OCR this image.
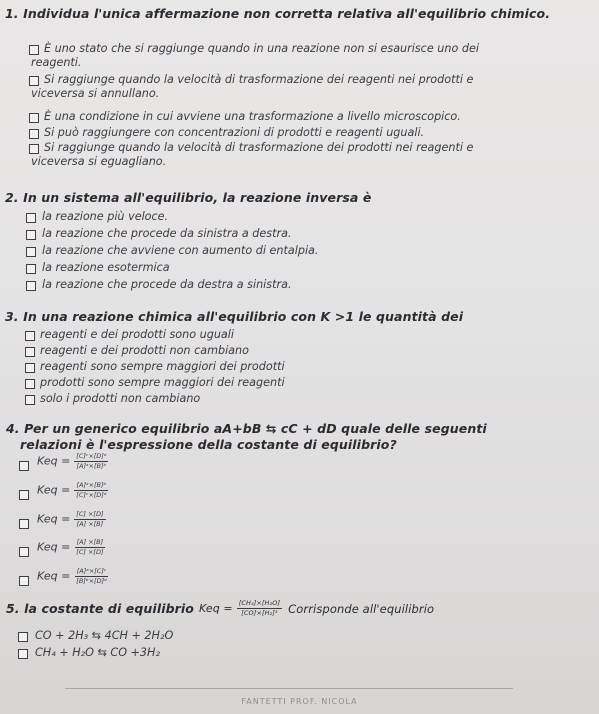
1. Individua l'unica affermazione non corretta relativa all'equilibrio chimico.
È uno stato che si raggiunge quando in una reazione non si esaurisce uno dei
reagenti.
Si raggiunge quando la velocità di trasformazione dei reagenti nei prodotti e
viceversa si annullano.
È una condizione in cui avviene una trasformazione a livello microscopico.
Si può raggiungere con concentrazioni di prodotti e reagenti uguali.
Si raggiunge quando la velocità di trasformazione dei prodotti nei reagenti e
viceversa si eguagliano.
2. In un sistema all'equilibrio, la reazione inversa è
la reazione più veloce.
la reazione che procede da sinistra a destra.
la reazione che avviene con aumento di entalpia.
la reazione esotermica
la reazione che procede da destra a sinistra.
3. In una reazione chimica all'equilibrio con K >1 le quantità dei
reagenti e dei prodotti sono uguali
reagenti e dei prodotti non cambiano
reagenti sono sempre maggiori dei prodotti
prodotti sono sempre maggiori dei reagenti
solo i prodotti non cambiano
4. Per un generico equilibrio aA+bB ⇆ cC + dD quale delle seguenti
relazioni è l'espressione della costante di equilibrio?
Keq = $\frac{\text{[C]ᶜ×[D]ᵈ}}{\text{[A]ᵃ×[B]ᵇ}}$
Keq = $\frac{\text{[A]ᵃ×[B]ᵇ}}{\text{[C]ᶜ×[D]ᵈ}}$
Keq = $\frac{[C] \times[D]}{[A] \times[B]}$
Keq = $\frac{[A] \times[B]}{[C] \times[D]}$
Keq = $\frac{\text{[A]ᵃ×[C]ᶜ}}{\text{[B]ᵇ×[D]ᵈ}}$
5. la costante di equilibrio Keq = $\frac{\text{[CH₄]×[H₂O]}}{\text{[CO]×[H₂]³}}$ Corrisponde all'equilibrio
CO + 2H₃ ⇆ 4CH + 2H₂O
CH₄ + H₂O ⇆ CO +3H₂
FANTETTI PROF. NICOLA
